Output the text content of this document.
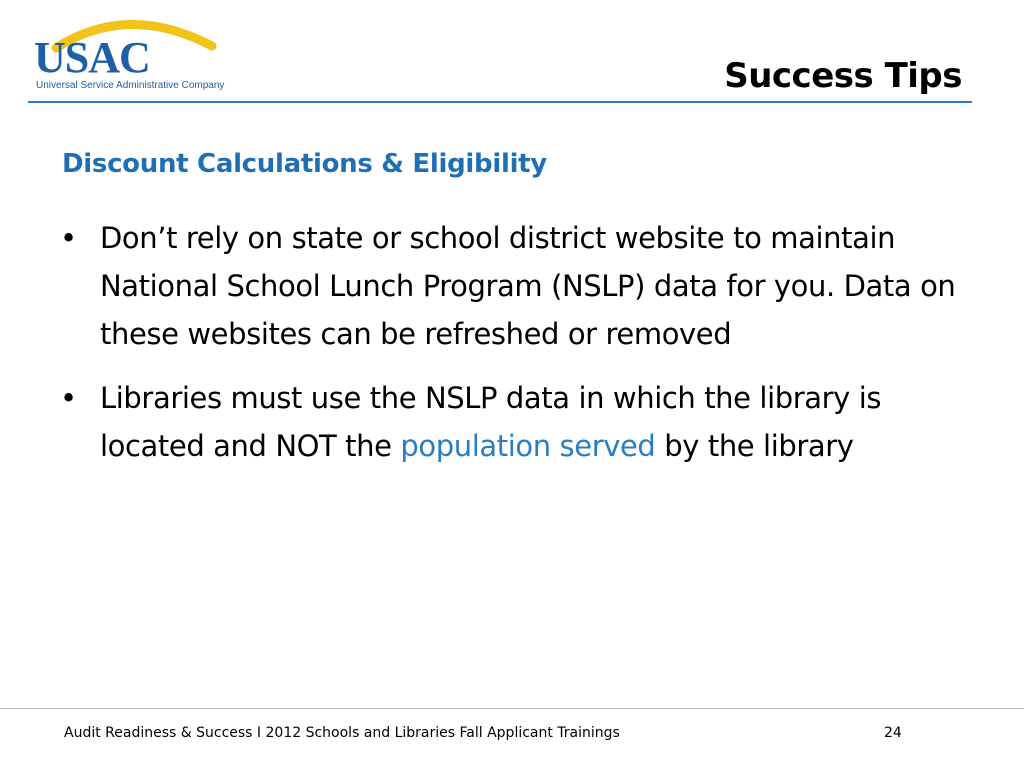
USAC
Universal Service Administrative Company	Success Tips
Discount Calculations & Eligibility
• Don’t rely on state or school district website to maintain National School Lunch Program (NSLP) data for you. Data on these websites can be refreshed or removed
• Libraries must use the NSLP data in which the library is located and NOT the population served by the library
Audit Readiness & Success I 2012 Schools and Libraries Fall Applicant Trainings	24
